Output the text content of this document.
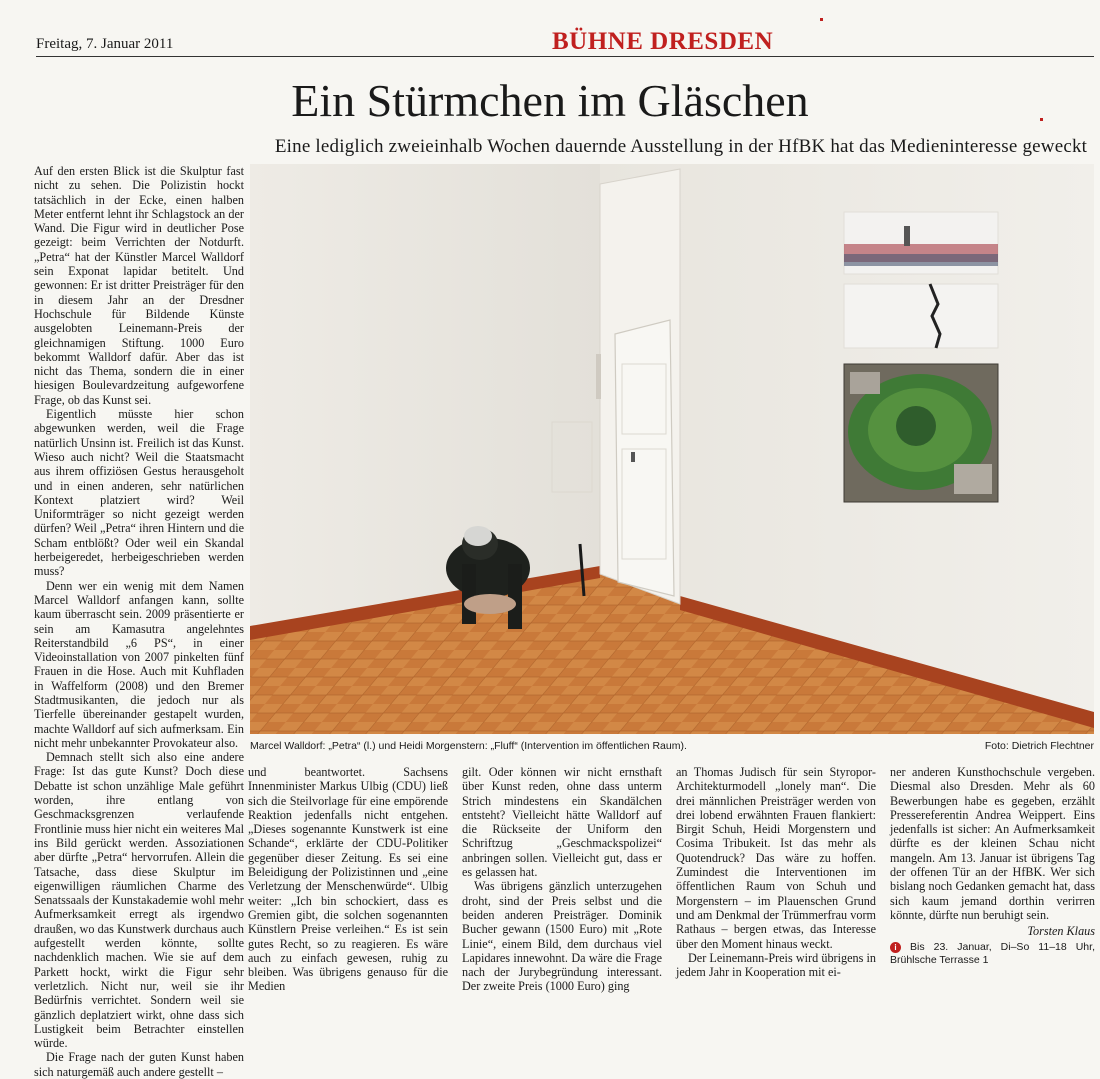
Freitag, 7. Januar 2011	BÜHNE DRESDEN
Ein Stürmchen im Gläschen
Eine lediglich zweieinhalb Wochen dauernde Ausstellung in der HfBK hat das Medieninteresse geweckt

Auf den ersten Blick ist die Skulptur fast nicht zu sehen. Die Polizistin hockt tatsächlich in der Ecke, einen halben Meter entfernt lehnt ihr Schlagstock an der Wand. Die Figur wird in deutlicher Pose gezeigt: beim Verrichten der Notdurft. „Petra“ hat der Künstler Marcel Walldorf sein Exponat lapidar betitelt. Und gewonnen: Er ist dritter Preisträger für den in diesem Jahr an der Dresdner Hochschule für Bildende Künste ausgelobten Leinemann-Preis der gleichnamigen Stiftung. 1000 Euro bekommt Walldorf dafür. Aber das ist nicht das Thema, sondern die in einer hiesigen Boulevardzeitung aufgeworfene Frage, ob das Kunst sei.

Eigentlich müsste hier schon abgewunken werden, weil die Frage natürlich Unsinn ist. Freilich ist das Kunst. Wieso auch nicht? Weil die Staatsmacht aus ihrem offiziösen Gestus herausgeholt und in einen anderen, sehr natürlichen Kontext platziert wird? Weil Uniformträger so nicht gezeigt werden dürfen? Weil „Petra“ ihren Hintern und die Scham entblößt? Oder weil ein Skandal herbeigeredet, herbeigeschrieben werden muss?

Denn wer ein wenig mit dem Namen Marcel Walldorf anfangen kann, sollte kaum überrascht sein. 2009 präsentierte er sein am Kamasutra angelehntes Reiterstandbild „6 PS“, in einer Videoinstallation von 2007 pinkelten fünf Frauen in die Hose. Auch mit Kuhfladen in Waffelform (2008) und den Bremer Stadtmusikanten, die jedoch nur als Tierfelle übereinander gestapelt wurden, machte Walldorf auf sich aufmerksam. Ein nicht mehr unbekannter Provokateur also.

Demnach stellt sich also eine andere Frage: Ist das gute Kunst? Doch diese Debatte ist schon unzählige Male geführt worden, ihre entlang von Geschmacksgrenzen verlaufende Frontlinie muss hier nicht ein weiteres Mal ins Bild gerückt werden. Assoziationen aber dürfte „Petra“ hervorrufen. Allein die Tatsache, dass diese Skulptur im eigenwilligen räumlichen Charme des Senatssaals der Kunstakademie wohl mehr Aufmerksamkeit erregt als irgendwo draußen, wo das Kunstwerk durchaus auch aufgestellt werden könnte, sollte nachdenklich machen. Wie sie auf dem Parkett hockt, wirkt die Figur sehr verletzlich. Nicht nur, weil sie ihr Bedürfnis verrichtet. Sondern weil sie gänzlich deplatziert wirkt, ohne dass sich Lustigkeit beim Betrachter einstellen würde.

Die Frage nach der guten Kunst haben sich naturgemäß auch andere gestellt –

Marcel Walldorf: „Petra“ (l.) und Heidi Morgenstern: „Fluff“ (Intervention im öffentlichen Raum).	Foto: Dietrich Flechtner

und beantwortet. Sachsens Innenminister Markus Ulbig (CDU) ließ sich die Steilvorlage für eine empörende Reaktion jedenfalls nicht entgehen. „Dieses sogenannte Kunstwerk ist eine Schande“, erklärte der CDU-Politiker gegenüber dieser Zeitung. Es sei eine Beleidigung der Polizistinnen und „eine Verletzung der Menschenwürde“. Ulbig weiter: „Ich bin schockiert, dass es Gremien gibt, die solchen sogenannten Künstlern Preise verleihen.“ Es ist sein gutes Recht, so zu reagieren. Es wäre auch zu einfach gewesen, ruhig zu bleiben. Was übrigens genauso für die Medien

gilt. Oder können wir nicht ernsthaft über Kunst reden, ohne dass unterm Strich mindestens ein Skandälchen entsteht? Vielleicht hätte Walldorf auf die Rückseite der Uniform den Schriftzug „Geschmackspolizei“ anbringen sollen. Vielleicht gut, dass er es gelassen hat.

Was übrigens gänzlich unterzugehen droht, sind der Preis selbst und die beiden anderen Preisträger. Dominik Bucher gewann (1500 Euro) mit „Rote Linie“, einem Bild, dem durchaus viel Lapidares innewohnt. Da wäre die Frage nach der Jurybegründung interessant. Der zweite Preis (1000 Euro) ging

an Thomas Judisch für sein Styropor-Architekturmodell „lonely man“. Die drei männlichen Preisträger werden von drei lobend erwähnten Frauen flankiert: Birgit Schuh, Heidi Morgenstern und Cosima Tribukeit. Ist das mehr als Quotendruck? Das wäre zu hoffen. Zumindest die Interventionen im öffentlichen Raum von Schuh und Morgenstern – im Plauenschen Grund und am Denkmal der Trümmerfrau vorm Rathaus – bergen etwas, das Interesse über den Moment hinaus weckt.

Der Leinemann-Preis wird übrigens in jedem Jahr in Kooperation mit ei-

ner anderen Kunsthochschule vergeben. Diesmal also Dresden. Mehr als 60 Bewerbungen habe es gegeben, erzählt Pressereferentin Andrea Weippert. Eins jedenfalls ist sicher: An Aufmerksamkeit dürfte es der kleinen Schau nicht mangeln. Am 13. Januar ist übrigens Tag der offenen Tür an der HfBK. Wer sich bislang noch Gedanken gemacht hat, dass sich kaum jemand dorthin verirren könnte, dürfte nun beruhigt sein.

Torsten Klaus
i Bis 23. Januar, Di–So 11–18 Uhr, Brühlsche Terrasse 1
